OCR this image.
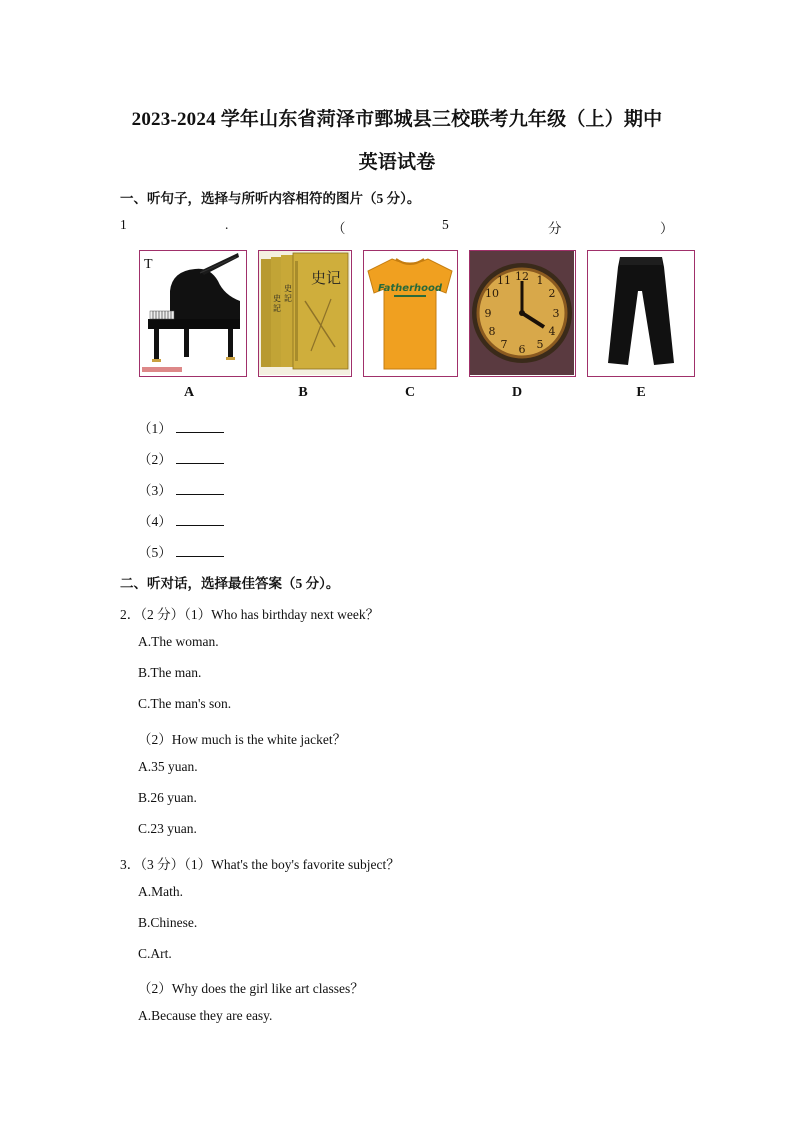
2023-2024 学年山东省菏泽市鄄城县三校联考九年级（上）期中
英语试卷
一、听句子，选择与所听内容相符的图片（5 分）。
1	.	（	5	分	）
T
史记
史
記
史
記
Fatherhood
12 1
2
3
4
5
6
7
8
9
10
11
A	B	C	D	E
（1）
（2）
（3）
（4）
（5）
二、听对话，选择最佳答案（5 分）。
2．（2 分）（1）Who has birthday next week？
A.The woman.
B.The man.
C.The man's son.
（2）How much is the white jacket？
A.35 yuan.
B.26 yuan.
C.23 yuan.
3．（3 分）（1）What's the boy's favorite subject？
A.Math.
B.Chinese.
C.Art.
（2）Why does the girl like art classes？
A.Because they are easy.
